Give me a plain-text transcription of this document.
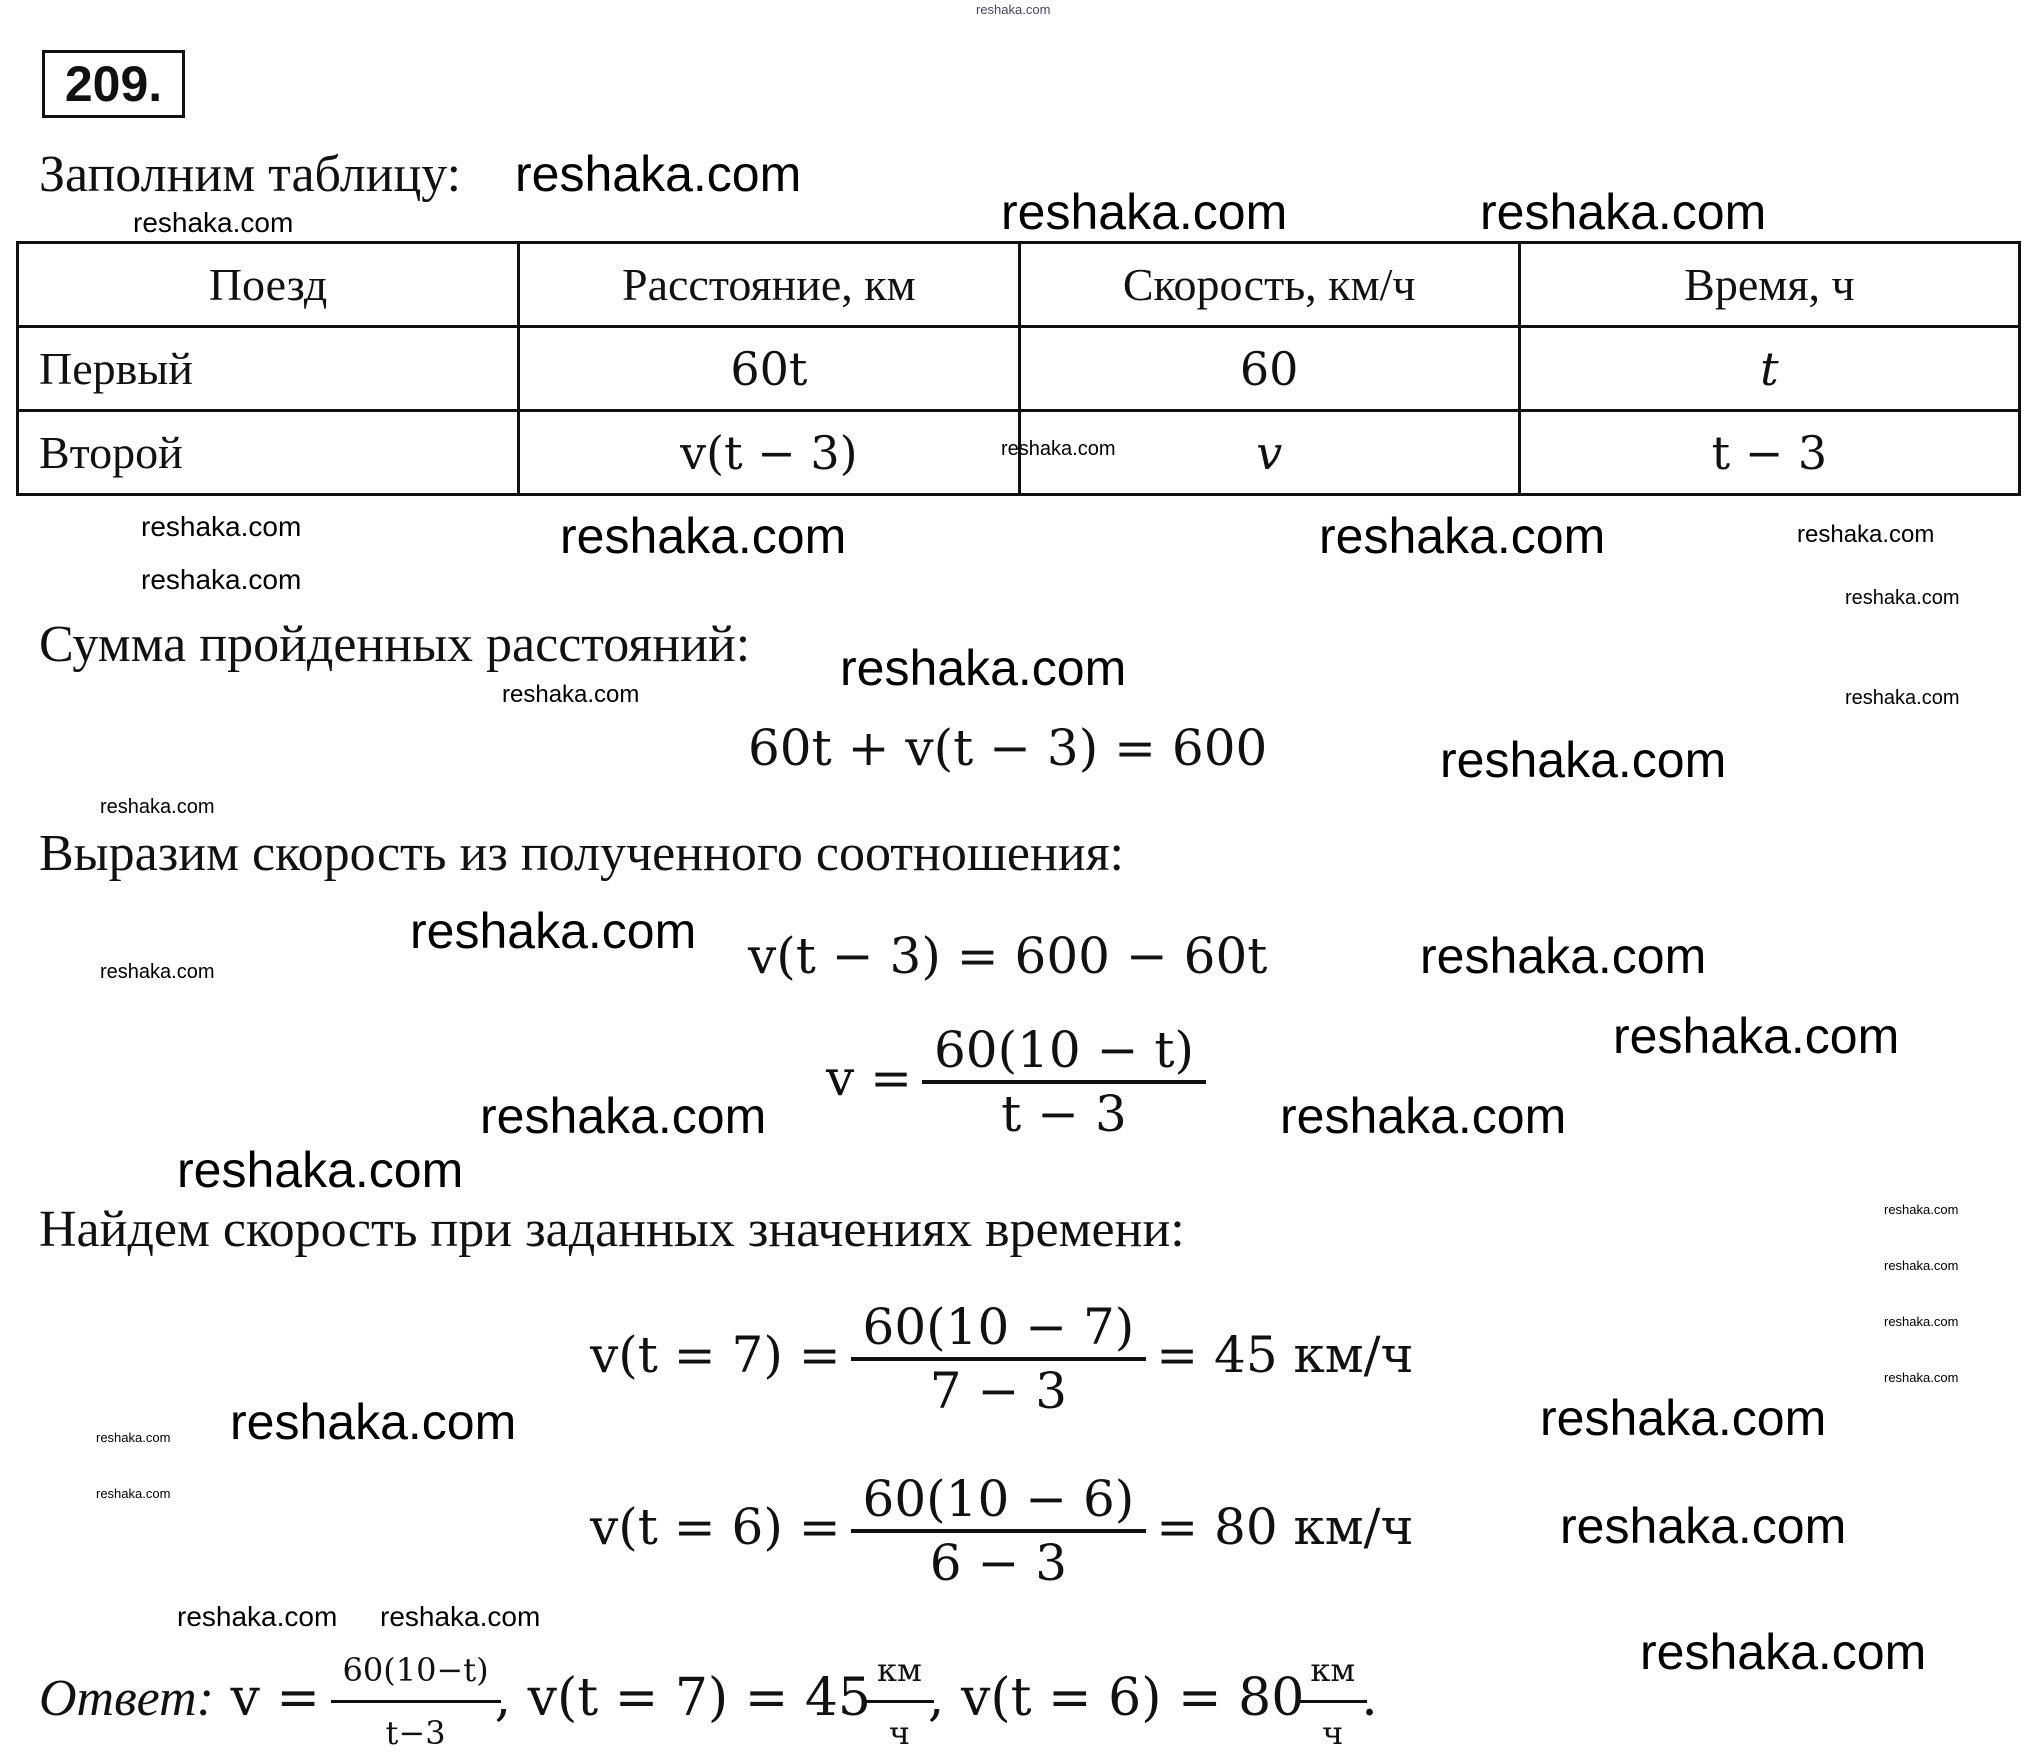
reshaka.com
209.
Заполним таблицу:
Поезд	Расстояние, км	Скорость, км/ч	Время, ч
Первый	60t	60	t
Второй	v(t − 3)	v	t − 3
Сумма пройденных расстояний:
60t + v(t − 3) = 600
Выразим скорость из полученного соотношения:
v(t − 3) = 600 − 60t
$v = \frac{60(10 - t)}{t - 3}$
Найдем скорость при заданных значениях времени:
$v(t = 7) = \frac{60(10 - 7)}{7 - 3} = 45$ км/ч
$v(t = 6) = \frac{60(10 - 6)}{6 - 3} = 80$ км/ч
Ответ: $v = \frac{60(10-t)}{t-3}$ , $v(t = 7) = 45 \frac{км}{ч}$ , $v(t = 6) = 80 \frac{км}{ч}$ .
reshaka.com
reshaka.com	reshaka.com
reshaka.com	reshaka.com
reshaka.com
reshaka.com
reshaka.com	reshaka.com
reshaka.com
reshaka.com	reshaka.com
reshaka.com
reshaka.com	reshaka.com
reshaka.com
reshaka.com
reshaka.com
reshaka.com
reshaka.com
reshaka.com reshaka.com
reshaka.com
reshaka.com
reshaka.com
reshaka.com
reshaka.com
reshaka.com
reshaka.com
reshaka.com
reshaka.com
reshaka.com
reshaka.com
reshaka.com
reshaka.com
